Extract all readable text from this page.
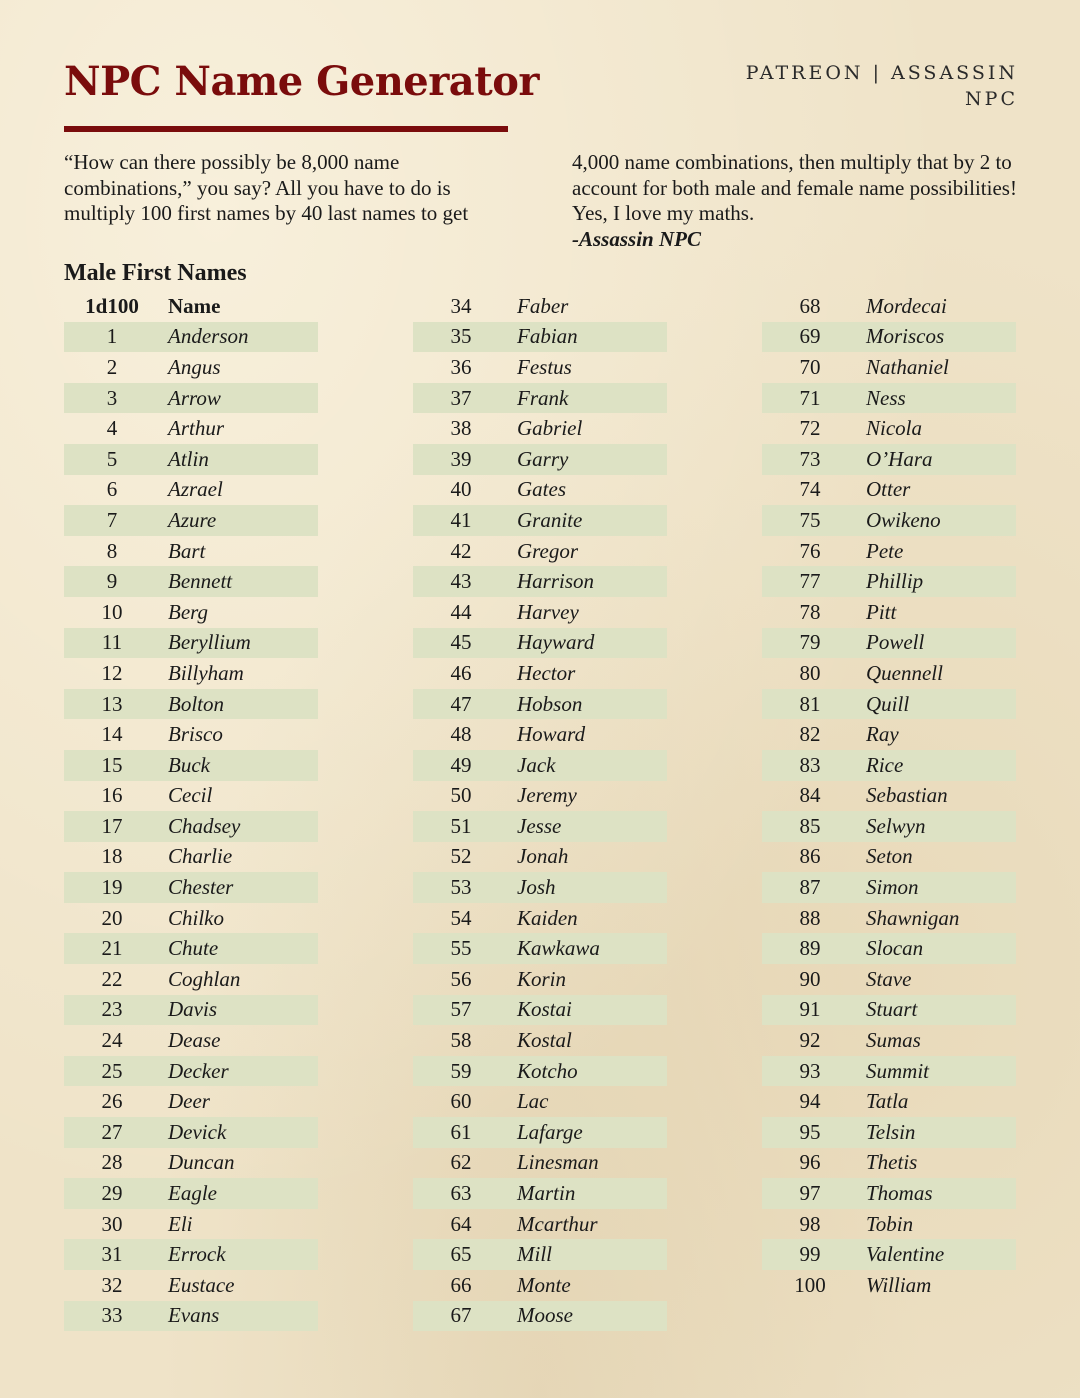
NPC Name Generator	PATREON | ASSASSIN
NPC
“How can there possibly be 8,000 name combinations,” you say? All you have to do is multiply 100 first names by 40 last names to get
4,000 name combinations, then multiply that by 2 to account for both male and female name possibilities! Yes, I love my maths.
-Assassin NPC
Male First Names
1d100	Name
1	Anderson
2	Angus
3	Arrow
4	Arthur
5	Atlin
6	Azrael
7	Azure
8	Bart
9	Bennett
10	Berg
11	Beryllium
12	Billyham
13	Bolton
14	Brisco
15	Buck
16	Cecil
17	Chadsey
18	Charlie
19	Chester
20	Chilko
21	Chute
22	Coghlan
23	Davis
24	Dease
25	Decker
26	Deer
27	Devick
28	Duncan
29	Eagle
30	Eli
31	Errock
32	Eustace
33	Evans
34	Faber
35	Fabian
36	Festus
37	Frank
38	Gabriel
39	Garry
40	Gates
41	Granite
42	Gregor
43	Harrison
44	Harvey
45	Hayward
46	Hector
47	Hobson
48	Howard
49	Jack
50	Jeremy
51	Jesse
52	Jonah
53	Josh
54	Kaiden
55	Kawkawa
56	Korin
57	Kostai
58	Kostal
59	Kotcho
60	Lac
61	Lafarge
62	Linesman
63	Martin
64	Mcarthur
65	Mill
66	Monte
67	Moose
68	Mordecai
69	Moriscos
70	Nathaniel
71	Ness
72	Nicola
73	O’Hara
74	Otter
75	Owikeno
76	Pete
77	Phillip
78	Pitt
79	Powell
80	Quennell
81	Quill
82	Ray
83	Rice
84	Sebastian
85	Selwyn
86	Seton
87	Simon
88	Shawnigan
89	Slocan
90	Stave
91	Stuart
92	Sumas
93	Summit
94	Tatla
95	Telsin
96	Thetis
97	Thomas
98	Tobin
99	Valentine
100	William
